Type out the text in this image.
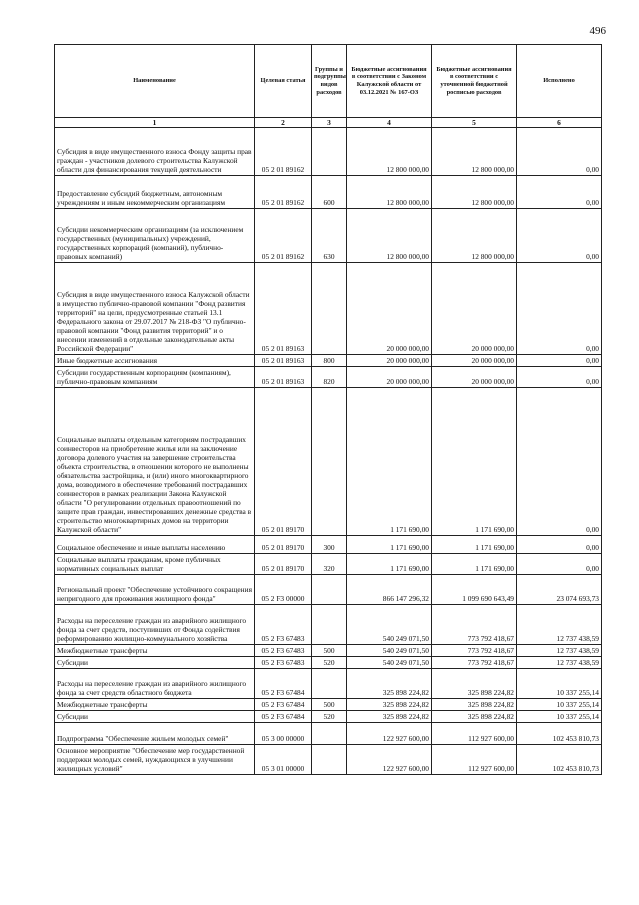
496
Наименование	Целевая статья	Группы и подгруппы видов расходов	Бюджетные ассигнования в соответствии с Законом Калужской области от 03.12.2021 № 167-ОЗ	Бюджетные ассигнования в соответствии с уточненной бюджетной росписью расходов	Исполнено
1	2	3	4	5	6
Субсидия в виде имущественного взноса Фонду защиты прав граждан - участников долевого строительства Калужской области для финансирования текущей деятельности	05 2 01 89162		12 800 000,00	12 800 000,00	0,00
Предоставление субсидий бюджетным, автономным учреждениям и иным некоммерческим организациям	05 2 01 89162	600	12 800 000,00	12 800 000,00	0,00
Субсидии некоммерческим организациям (за исключением государственных (муниципальных) учреждений, государственных корпораций (компаний), публично-правовых компаний)	05 2 01 89162	630	12 800 000,00	12 800 000,00	0,00
Субсидия в виде имущественного взноса Калужской области в имущество публично-правовой компании "Фонд развития территорий" на цели, предусмотренные статьей 13.1 Федерального закона от 29.07.2017 № 218-ФЗ "О публично-правовой компании "Фонд развития территорий" и о внесении изменений в отдельные законодательные акты Российской Федерации"	05 2 01 89163		20 000 000,00	20 000 000,00	0,00
Иные бюджетные ассигнования	05 2 01 89163	800	20 000 000,00	20 000 000,00	0,00
Субсидии государственным корпорациям (компаниям), публично-правовым компаниям	05 2 01 89163	820	20 000 000,00	20 000 000,00	0,00
Социальные выплаты отдельным категориям пострадавших соинвесторов на приобретение жилья или на заключение договора долевого участия на завершение строительства объекта строительства, в отношении которого не выполнены обязательства застройщика, и (или) иного многоквартирного дома, возводимого в обеспечение требований пострадавших соинвесторов в рамках реализации Закона Калужской области "О регулировании отдельных правоотношений по защите прав граждан, инвестировавших денежные средства в строительство многоквартирных домов на территории Калужской области"	05 2 01 89170		1 171 690,00	1 171 690,00	0,00
Социальное обеспечение и иные выплаты населению	05 2 01 89170	300	1 171 690,00	1 171 690,00	0,00
Социальные выплаты гражданам, кроме публичных нормативных социальных выплат	05 2 01 89170	320	1 171 690,00	1 171 690,00	0,00
Региональный проект "Обеспечение устойчивого сокращения непригодного для проживания жилищного фонда"	05 2 F3 00000		866 147 296,32	1 099 690 643,49	23 074 693,73
Расходы на переселение граждан из аварийного жилищного фонда за счет средств, поступивших от Фонда содействия реформированию жилищно-коммунального хозяйства	05 2 F3 67483		540 249 071,50	773 792 418,67	12 737 438,59
Межбюджетные трансферты	05 2 F3 67483	500	540 249 071,50	773 792 418,67	12 737 438,59
Субсидии	05 2 F3 67483	520	540 249 071,50	773 792 418,67	12 737 438,59
Расходы на переселение граждан из аварийного жилищного фонда за счет средств областного бюджета	05 2 F3 67484		325 898 224,82	325 898 224,82	10 337 255,14
Межбюджетные трансферты	05 2 F3 67484	500	325 898 224,82	325 898 224,82	10 337 255,14
Субсидии	05 2 F3 67484	520	325 898 224,82	325 898 224,82	10 337 255,14
Подпрограмма "Обеспечение жильем молодых семей"	05 3 00 00000		122 927 600,00	112 927 600,00	102 453 810,73
Основное мероприятие "Обеспечение мер государственной поддержки молодых семей, нуждающихся в улучшении жилищных условий"	05 3 01 00000		122 927 600,00	112 927 600,00	102 453 810,73
